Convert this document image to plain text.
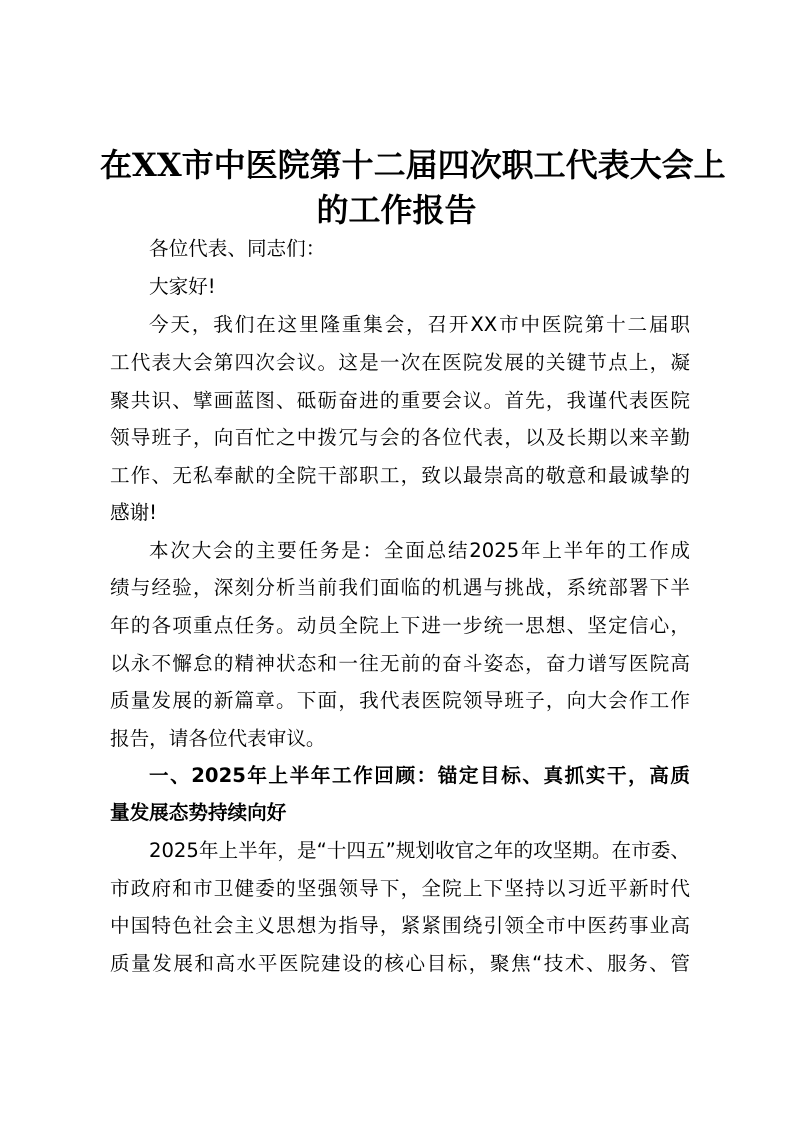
在XX市中医院第十二届四次职工代表大会上
的工作报告
各位代表、同志们：
大家好!
今天，我们在这里隆重集会，召开XX市中医院第十二届职
工代表大会第四次会议。这是一次在医院发展的关键节点上，凝
聚共识、擘画蓝图、砥砺奋进的重要会议。首先，我谨代表医院
领导班子，向百忙之中拨冗与会的各位代表，以及长期以来辛勤
工作、无私奉献的全院干部职工，致以最崇高的敬意和最诚挚的
感谢!
本次大会的主要任务是：全面总结2025年上半年的工作成
绩与经验，深刻分析当前我们面临的机遇与挑战，系统部署下半
年的各项重点任务。动员全院上下进一步统一思想、坚定信心，
以永不懈怠的精神状态和一往无前的奋斗姿态，奋力谱写医院高
质量发展的新篇章。下面，我代表医院领导班子，向大会作工作
报告，请各位代表审议。
一、2025年上半年工作回顾：锚定目标、真抓实干，高质
量发展态势持续向好
2025年上半年，是“十四五”规划收官之年的攻坚期。在市委、
市政府和市卫健委的坚强领导下，全院上下坚持以习近平新时代
中国特色社会主义思想为指导，紧紧围绕引领全市中医药事业高
质量发展和高水平医院建设的核心目标，聚焦“技术、服务、管
